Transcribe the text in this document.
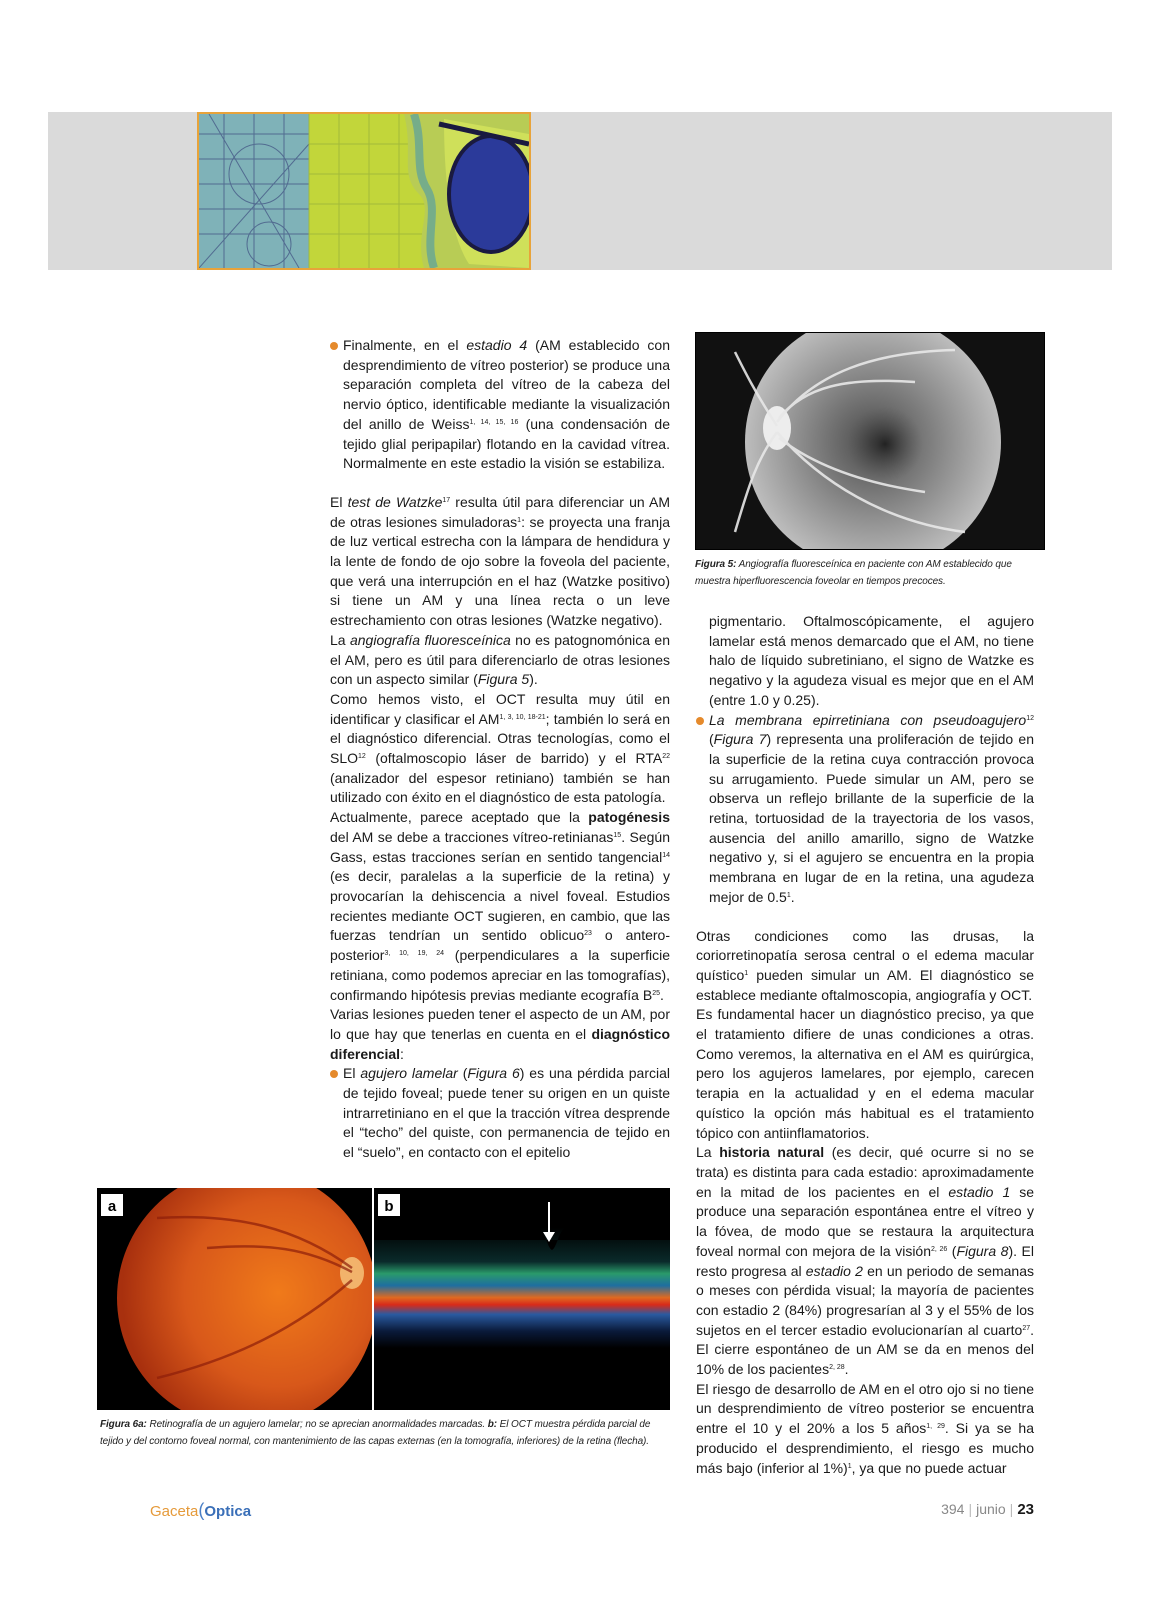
Finalmente, en el estadio 4 (AM establecido con desprendimiento de vítreo posterior) se produce una separación completa del vítreo de la cabeza del nervio óptico, identificable mediante la visualización del anillo de Weiss$^{1, 14, 15, 16}$ (una condensación de tejido glial peripapilar) flotando en la cavidad vítrea. Normalmente en este estadio la visión se estabiliza.

El test de Watzke$^{17}$ resulta útil para diferenciar un AM de otras lesiones simuladoras$^1$: se proyecta una franja de luz vertical estrecha con la lámpara de hendidura y la lente de fondo de ojo sobre la foveola del paciente, que verá una interrupción en el haz (Watzke positivo) si tiene un AM y una línea recta o un leve estrechamiento con otras lesiones (Watzke negativo).

La angiografía fluoresceínica no es patognomónica en el AM, pero es útil para diferenciarlo de otras lesiones con un aspecto similar (Figura 5).

Como hemos visto, el OCT resulta muy útil en identificar y clasificar el AM$^{1, 3, 10, 18-21}$; también lo será en el diagnóstico diferencial. Otras tecnologías, como el SLO$^{12}$ (oftalmoscopio láser de barrido) y el RTA$^{22}$ (analizador del espesor retiniano) también se han utilizado con éxito en el diagnóstico de esta patología.

Actualmente, parece aceptado que la patogénesis del AM se debe a tracciones vítreo-retinianas$^{15}$. Según Gass, estas tracciones serían en sentido tangencial$^{14}$ (es decir, paralelas a la superficie de la retina) y provocarían la dehiscencia a nivel foveal. Estudios recientes mediante OCT sugieren, en cambio, que las fuerzas tendrían un sentido oblicuo$^{23}$ o antero-posterior$^{3, 10, 19, 24}$ (perpendiculares a la superficie retiniana, como podemos apreciar en las tomografías), confirmando hipótesis previas mediante ecografía $B^{25}$.

Varias lesiones pueden tener el aspecto de un AM, por lo que hay que tenerlas en cuenta en el diagnóstico diferencial:

El agujero lamelar (Figura 6) es una pérdida parcial de tejido foveal; puede tener su origen en un quiste intrarretiniano en el que la tracción vítrea desprende el “techo” del quiste, con permanencia de tejido en el “suelo”, en contacto con el epitelio

Figura 5: Angiografía fluoresceínica en paciente con AM establecido que muestra hiperfluorescencia foveolar en tiempos precoces.

pigmentario. Oftalmoscópicamente, el agujero lamelar está menos demarcado que el AM, no tiene halo de líquido subretiniano, el signo de Watzke es negativo y la agudeza visual es mejor que en el AM (entre 1.0 y 0.25).

La membrana epirretiniana con pseudoagujero$^{12}$ (Figura 7) representa una proliferación de tejido en la superficie de la retina cuya contracción provoca su arrugamiento. Puede simular un AM, pero se observa un reflejo brillante de la superficie de la retina, tortuosidad de la trayectoria de los vasos, ausencia del anillo amarillo, signo de Watzke negativo y, si el agujero se encuentra en la propia membrana en lugar de en la retina, una agudeza mejor de $0.5^1$.

Otras condiciones como las drusas, la coriorretinopatía serosa central o el edema macular quístico$^1$ pueden simular un AM. El diagnóstico se establece mediante oftalmoscopia, angiografía y OCT.

Es fundamental hacer un diagnóstico preciso, ya que el tratamiento difiere de unas condiciones a otras. Como veremos, la alternativa en el AM es quirúrgica, pero los agujeros lamelares, por ejemplo, carecen terapia en la actualidad y en el edema macular quístico la opción más habitual es el tratamiento tópico con antiinflamatorios.

La historia natural (es decir, qué ocurre si no se trata) es distinta para cada estadio: aproximadamente en la mitad de los pacientes en el estadio 1 se produce una separación espontánea entre el vítreo y la fóvea, de modo que se restaura la arquitectura foveal normal con mejora de la visión$^{2, 26}$ (Figura 8). El resto progresa al estadio 2 en un periodo de semanas o meses con pérdida visual; la mayoría de pacientes con estadio 2 (84%) progresarían al 3 y el 55% de los sujetos en el tercer estadio evolucionarían al cuarto$^{27}$. El cierre espontáneo de un AM se da en menos del 10% de los pacientes$^{2, 28}$.

El riesgo de desarrollo de AM en el otro ojo si no tiene un desprendimiento de vítreo posterior se encuentra entre el 10 y el 20% a los 5 años$^{1, 29}$. Si ya se ha producido el desprendimiento, el riesgo es mucho más bajo (inferior al 1%)$^1$, ya que no puede actuar

a	b
Figura 6a: Retinografía de un agujero lamelar; no se aprecian anormalidades marcadas. b: El OCT muestra pérdida parcial de tejido y del contorno foveal normal, con mantenimiento de las capas externas (en la tomografía, inferiores) de la retina (flecha).
Gaceta(Optica	394 | junio | 23
